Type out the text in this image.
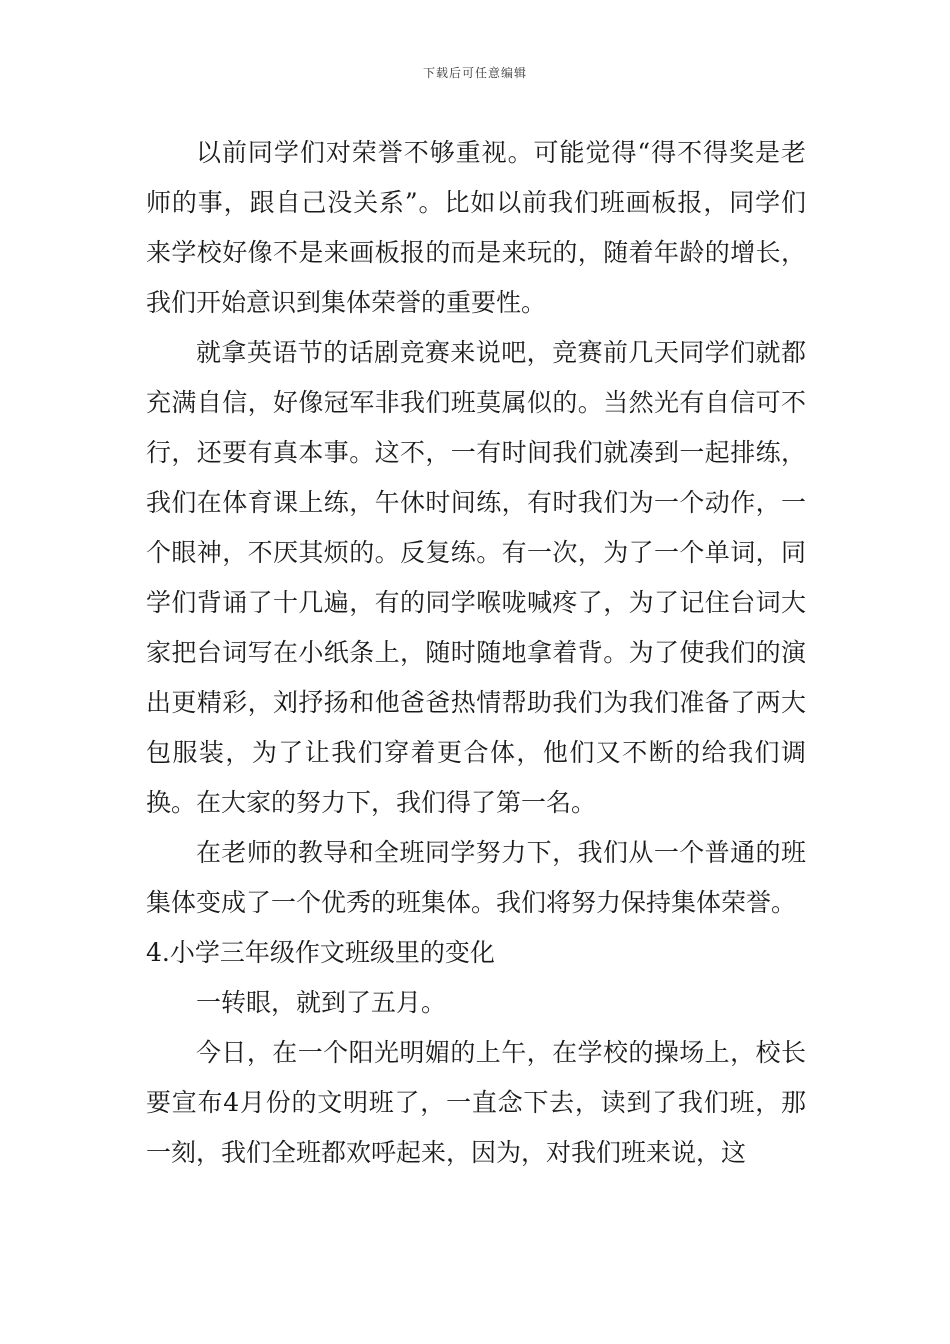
下载后可任意编辑

以前同学们对荣誉不够重视。可能觉得“得不得奖是老师的事，跟自己没关系”。比如以前我们班画板报，同学们来学校好像不是来画板报的而是来玩的，随着年龄的增长，我们开始意识到集体荣誉的重要性。

就拿英语节的话剧竞赛来说吧，竞赛前几天同学们就都充满自信，好像冠军非我们班莫属似的。当然光有自信可不行，还要有真本事。这不，一有时间我们就凑到一起排练，我们在体育课上练，午休时间练，有时我们为一个动作，一个眼神，不厌其烦的。反复练。有一次，为了一个单词，同学们背诵了十几遍，有的同学喉咙喊疼了，为了记住台词大家把台词写在小纸条上，随时随地拿着背。为了使我们的演出更精彩，刘抒扬和他爸爸热情帮助我们为我们准备了两大包服装，为了让我们穿着更合体，他们又不断的给我们调换。在大家的努力下，我们得了第一名。

在老师的教导和全班同学努力下，我们从一个普通的班集体变成了一个优秀的班集体。我们将努力保持集体荣誉。

4.小学三年级作文班级里的变化

一转眼，就到了五月。

今日，在一个阳光明媚的上午，在学校的操场上，校长要宣布4月份的文明班了，一直念下去，读到了我们班，那一刻，我们全班都欢呼起来，因为，对我们班来说，这
